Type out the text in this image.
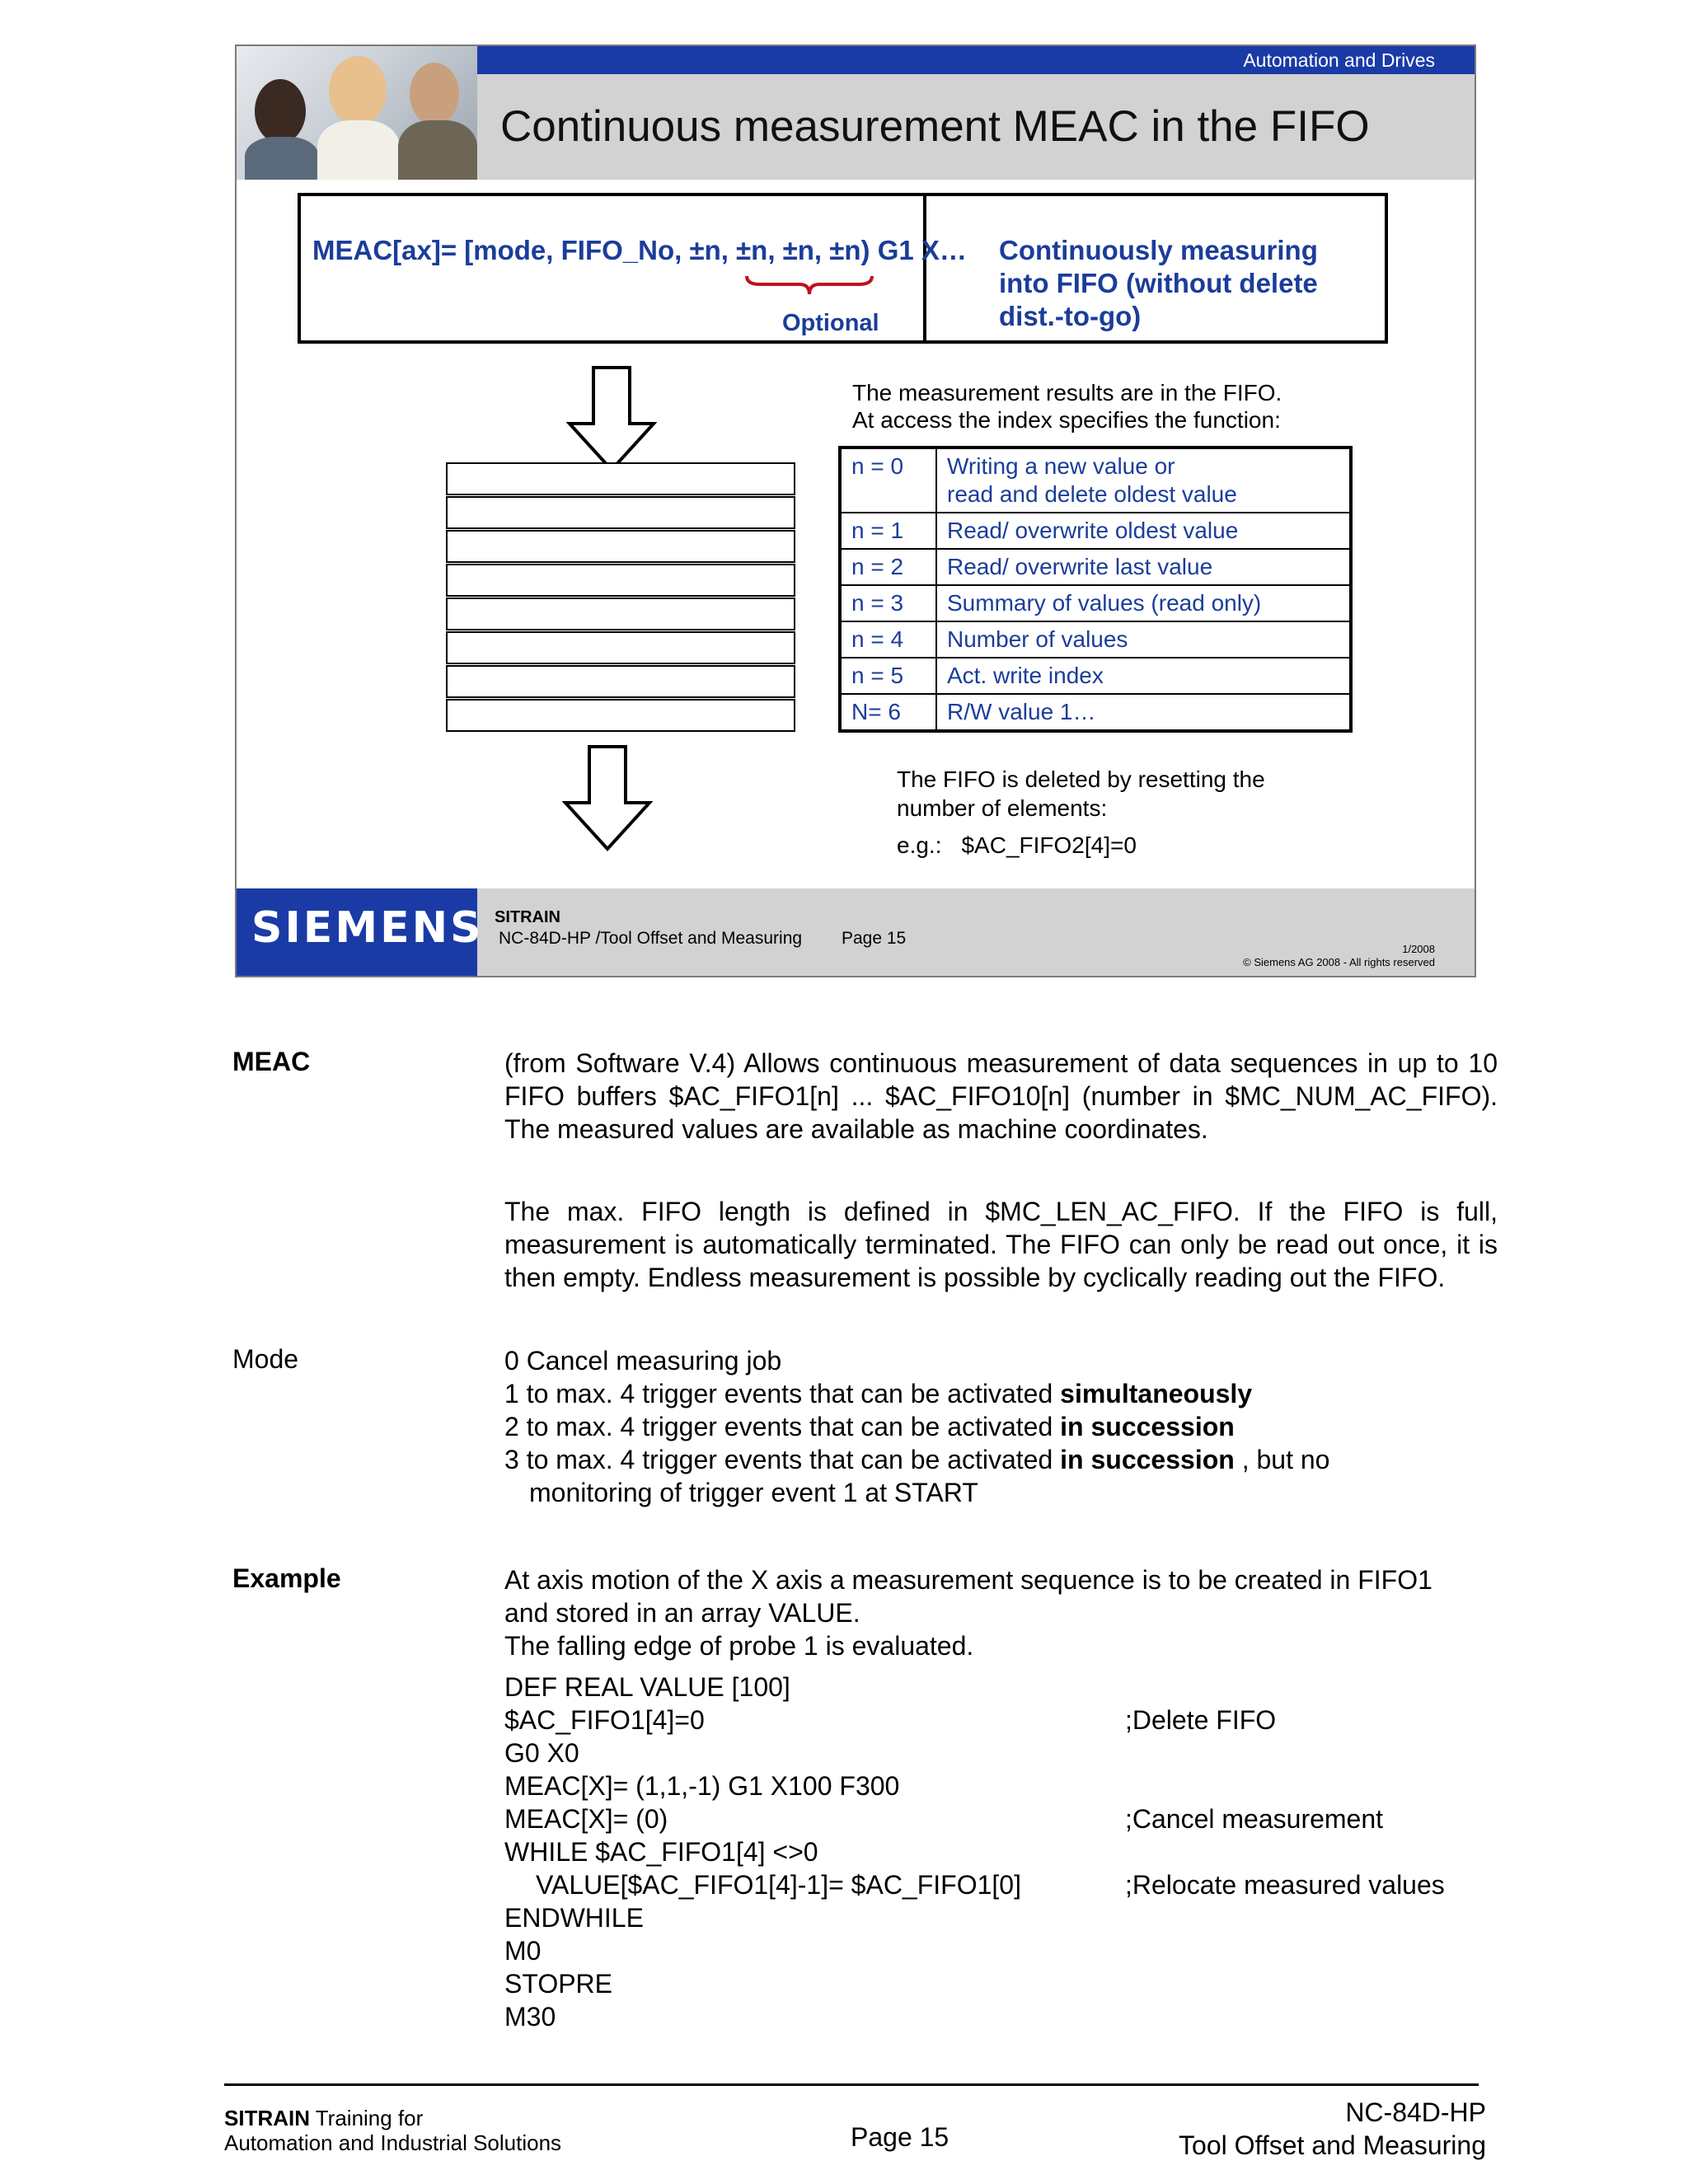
Automation and Drives
Continuous measurement MEAC in the FIFO
MEAC[ax]= [mode, FIFO_No, ±n, ±n, ±n, ±n) G1 X…
Optional
Continuously measuring
into FIFO (without delete
dist.-to-go)
The measurement results are in the FIFO.
At access the index specifies the function:
n = 0	Writing a new value or
read and delete oldest value

n = 1	Read/ overwrite oldest value
n = 2	Read/ overwrite last value
n = 3	Summary of values (read only)
n = 4	Number of values
n = 5	Act. write index
N= 6	R/W value 1…
The FIFO is deleted by resetting the
number of elements:
e.g.: $AC_FIFO2[4]=0
SIEMENS SITRAIN
NC-84D-HP /Tool Offset and Measuring Page 15
1/2008
© Siemens AG 2008 - All rights reserved
MEAC	(from Software V.4) Allows continuous measurement of data sequences in up to 10 FIFO buffers $AC_FIFO1[n] ... $AC_FIFO10[n] (number in $MC_NUM_AC_FIFO). The measured values are available as machine coordinates.
The max. FIFO length is defined in $MC_LEN_AC_FIFO. If the FIFO is full, measurement is automatically terminated. The FIFO can only be read out once, it is then empty. Endless measurement is possible by cyclically reading out the FIFO.
Mode	0 Cancel measuring job
1 to max. 4 trigger events that can be activated simultaneously
2 to max. 4 trigger events that can be activated in succession
3 to max. 4 trigger events that can be activated in succession , but no
monitoring of trigger event 1 at START
Example	At axis motion of the X axis a measurement sequence is to be created in FIFO1
and stored in an array VALUE.
The falling edge of probe 1 is evaluated.
DEF REAL VALUE [100]
$AC_FIFO1[4]=0	;Delete FIFO
G0 X0
MEAC[X]= (1,1,-1) G1 X100 F300
MEAC[X]= (0)	;Cancel measurement
WHILE $AC_FIFO1[4] <>0
VALUE[$AC_FIFO1[4]-1]= $AC_FIFO1[0]	;Relocate measured values
ENDWHILE
M0
STOPRE
M30
SITRAIN Training for
Automation and Industrial Solutions	Page 15
NC-84D-HP
Tool Offset and Measuring
